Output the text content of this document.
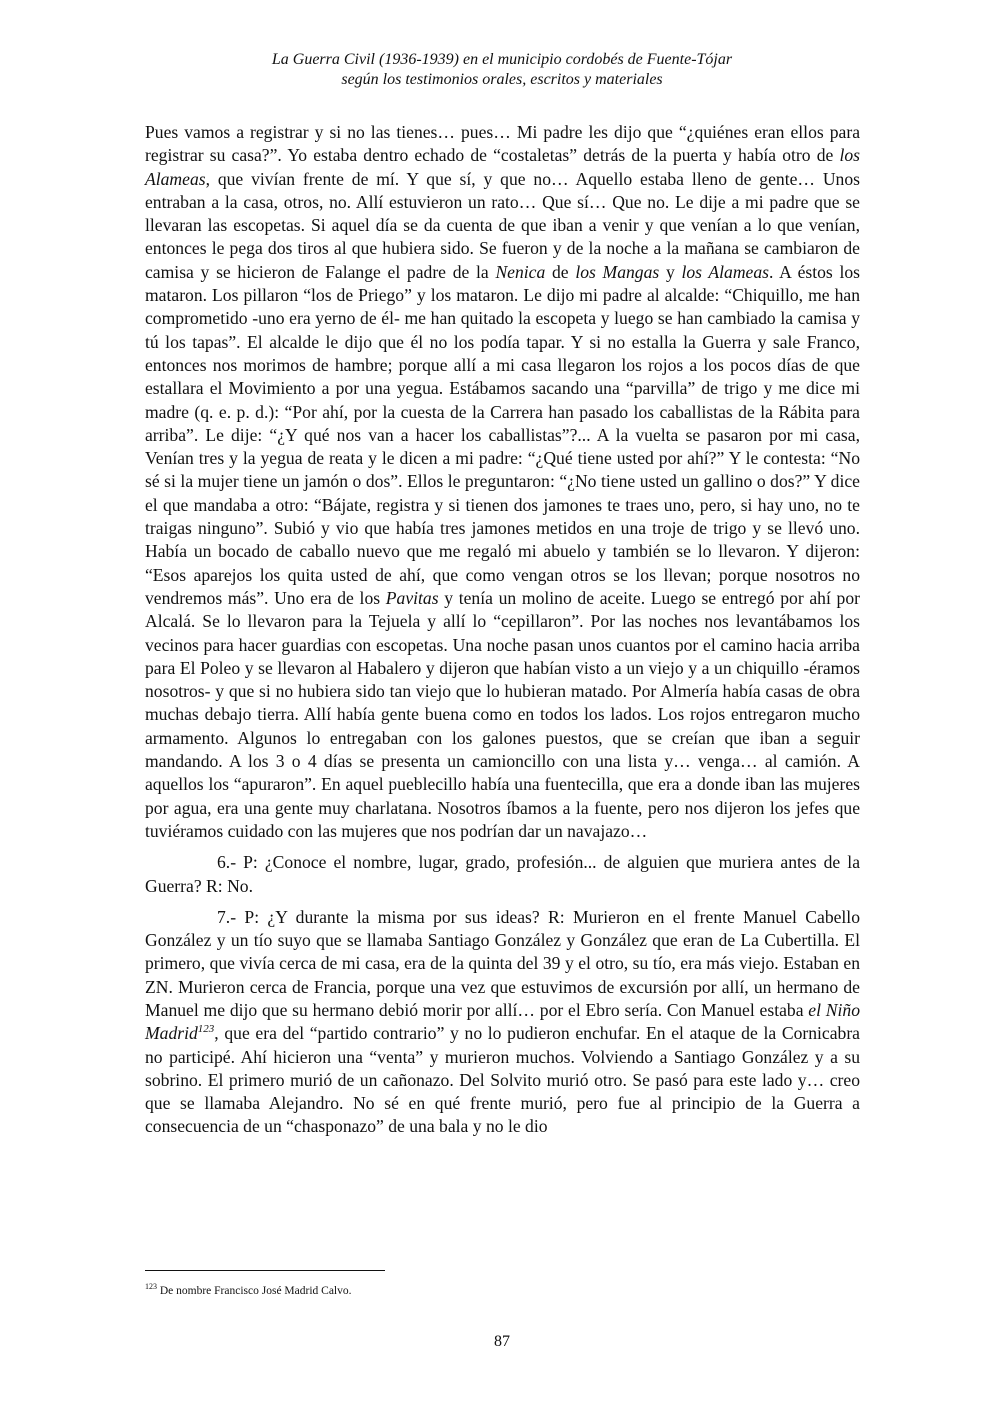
La Guerra Civil (1936-1939) en el municipio cordobés de Fuente-Tójar
según los testimonios orales, escritos y materiales

Pues vamos a registrar y si no las tienes… pues… Mi padre les dijo que “¿quiénes eran ellos para registrar su casa?”. Yo estaba dentro echado de “costaletas” detrás de la puerta y había otro de los Alameas, que vivían frente de mí. Y que sí, y que no… Aquello estaba lleno de gente… Unos entraban a la casa, otros, no. Allí estuvieron un rato… Que sí… Que no. Le dije a mi padre que se llevaran las escopetas. Si aquel día se da cuenta de que iban a venir y que venían a lo que venían, entonces le pega dos tiros al que hubiera sido. Se fueron y de la noche a la mañana se cambiaron de camisa y se hicieron de Falange el padre de la Nenica de los Mangas y los Alameas. A éstos los mataron. Los pillaron “los de Priego” y los mataron. Le dijo mi padre al alcalde: “Chiquillo, me han comprometido -uno era yerno de él- me han quitado la escopeta y luego se han cambiado la camisa y tú los tapas”. El alcalde le dijo que él no los podía tapar. Y si no estalla la Guerra y sale Franco, entonces nos morimos de hambre; porque allí a mi casa llegaron los rojos a los pocos días de que estallara el Movimiento a por una yegua. Estábamos sacando una “parvilla” de trigo y me dice mi madre (q. e. p. d.): “Por ahí, por la cuesta de la Carrera han pasado los caballistas de la Rábita para arriba”. Le dije: “¿Y qué nos van a hacer los caballistas”?... A la vuelta se pasaron por mi casa, Venían tres y la yegua de reata y le dicen a mi padre: “¿Qué tiene usted por ahí?” Y le contesta: “No sé si la mujer tiene un jamón o dos”. Ellos le preguntaron: “¿No tiene usted un gallino o dos?” Y dice el que mandaba a otro: “Bájate, registra y si tienen dos jamones te traes uno, pero, si hay uno, no te traigas ninguno”. Subió y vio que había tres jamones metidos en una troje de trigo y se llevó uno. Había un bocado de caballo nuevo que me regaló mi abuelo y también se lo llevaron. Y dijeron: “Esos aparejos los quita usted de ahí, que como vengan otros se los llevan; porque nosotros no vendremos más”. Uno era de los Pavitas y tenía un molino de aceite. Luego se entregó por ahí por Alcalá. Se lo llevaron para la Tejuela y allí lo “cepillaron”. Por las noches nos levantábamos los vecinos para hacer guardias con escopetas. Una noche pasan unos cuantos por el camino hacia arriba para El Poleo y se llevaron al Habalero y dijeron que habían visto a un viejo y a un chiquillo -éramos nosotros- y que si no hubiera sido tan viejo que lo hubieran matado. Por Almería había casas de obra muchas debajo tierra. Allí había gente buena como en todos los lados. Los rojos entregaron mucho armamento. Algunos lo entregaban con los galones puestos, que se creían que iban a seguir mandando. A los 3 o 4 días se presenta un camioncillo con una lista y… venga… al camión. A aquellos los “apuraron”. En aquel pueblecillo había una fuentecilla, que era a donde iban las mujeres por agua, era una gente muy charlatana. Nosotros íbamos a la fuente, pero nos dijeron los jefes que tuviéramos cuidado con las mujeres que nos podrían dar un navajazo…

6.- P: ¿Conoce el nombre, lugar, grado, profesión... de alguien que muriera antes de la Guerra? R: No.

7.- P: ¿Y durante la misma por sus ideas? R: Murieron en el frente Manuel Cabello González y un tío suyo que se llamaba Santiago González y González que eran de La Cubertilla. El primero, que vivía cerca de mi casa, era de la quinta del 39 y el otro, su tío, era más viejo. Estaban en ZN. Murieron cerca de Francia, porque una vez que estuvimos de excursión por allí, un hermano de Manuel me dijo que su hermano debió morir por allí… por el Ebro sería. Con Manuel estaba el Niño Madrid$^{123}$, que era del “partido contrario” y no lo pudieron enchufar. En el ataque de la Cornicabra no participé. Ahí hicieron una “venta” y murieron muchos. Volviendo a Santiago González y a su sobrino. El primero murió de un cañonazo. Del Solvito murió otro. Se pasó para este lado y… creo que se llamaba Alejandro. No sé en qué frente murió, pero fue al principio de la Guerra a consecuencia de un “chasponazo” de una bala y no le dio

$^{123}$ De nombre Francisco José Madrid Calvo.
87
